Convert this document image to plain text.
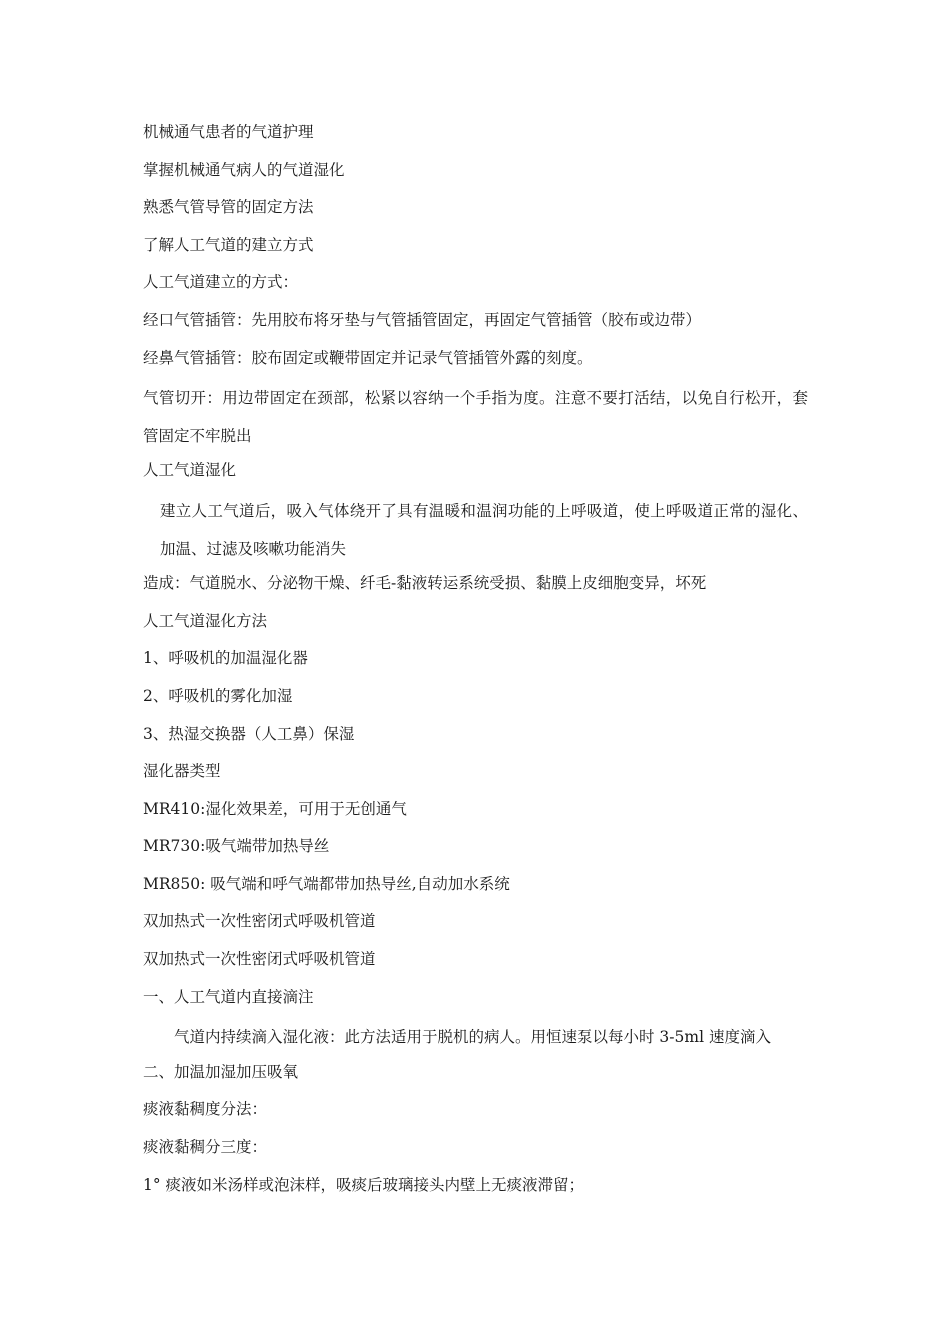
机械通气患者的气道护理
掌握机械通气病人的气道湿化
熟悉气管导管的固定方法
了解人工气道的建立方式
人工气道建立的方式：
经口气管插管：先用胶布将牙垫与气管插管固定，再固定气管插管（胶布或边带）
经鼻气管插管：胶布固定或鞭带固定并记录气管插管外露的刻度。
气管切开：用边带固定在颈部，松紧以容纳一个手指为度。注意不要打活结，以免自行松开，套管固定不牢脱出
人工气道湿化
建立人工气道后，吸入气体绕开了具有温暖和温润功能的上呼吸道，使上呼吸道正常的湿化、加温、过滤及咳嗽功能消失
造成：气道脱水、分泌物干燥、纤毛-黏液转运系统受损、黏膜上皮细胞变异，坏死
人工气道湿化方法
1、呼吸机的加温湿化器
2、呼吸机的雾化加湿
3、热湿交换器（人工鼻）保湿
湿化器类型
MR410:湿化效果差，可用于无创通气
MR730:吸气端带加热导丝
MR850: 吸气端和呼气端都带加热导丝,自动加水系统
双加热式一次性密闭式呼吸机管道
双加热式一次性密闭式呼吸机管道
一、人工气道内直接滴注
气道内持续滴入湿化液：此方法适用于脱机的病人。用恒速泵以每小时 3-5ml 速度滴入
二、加温加湿加压吸氧
痰液黏稠度分法：
痰液黏稠分三度：
1° 痰液如米汤样或泡沫样，吸痰后玻璃接头内壁上无痰液滞留；
